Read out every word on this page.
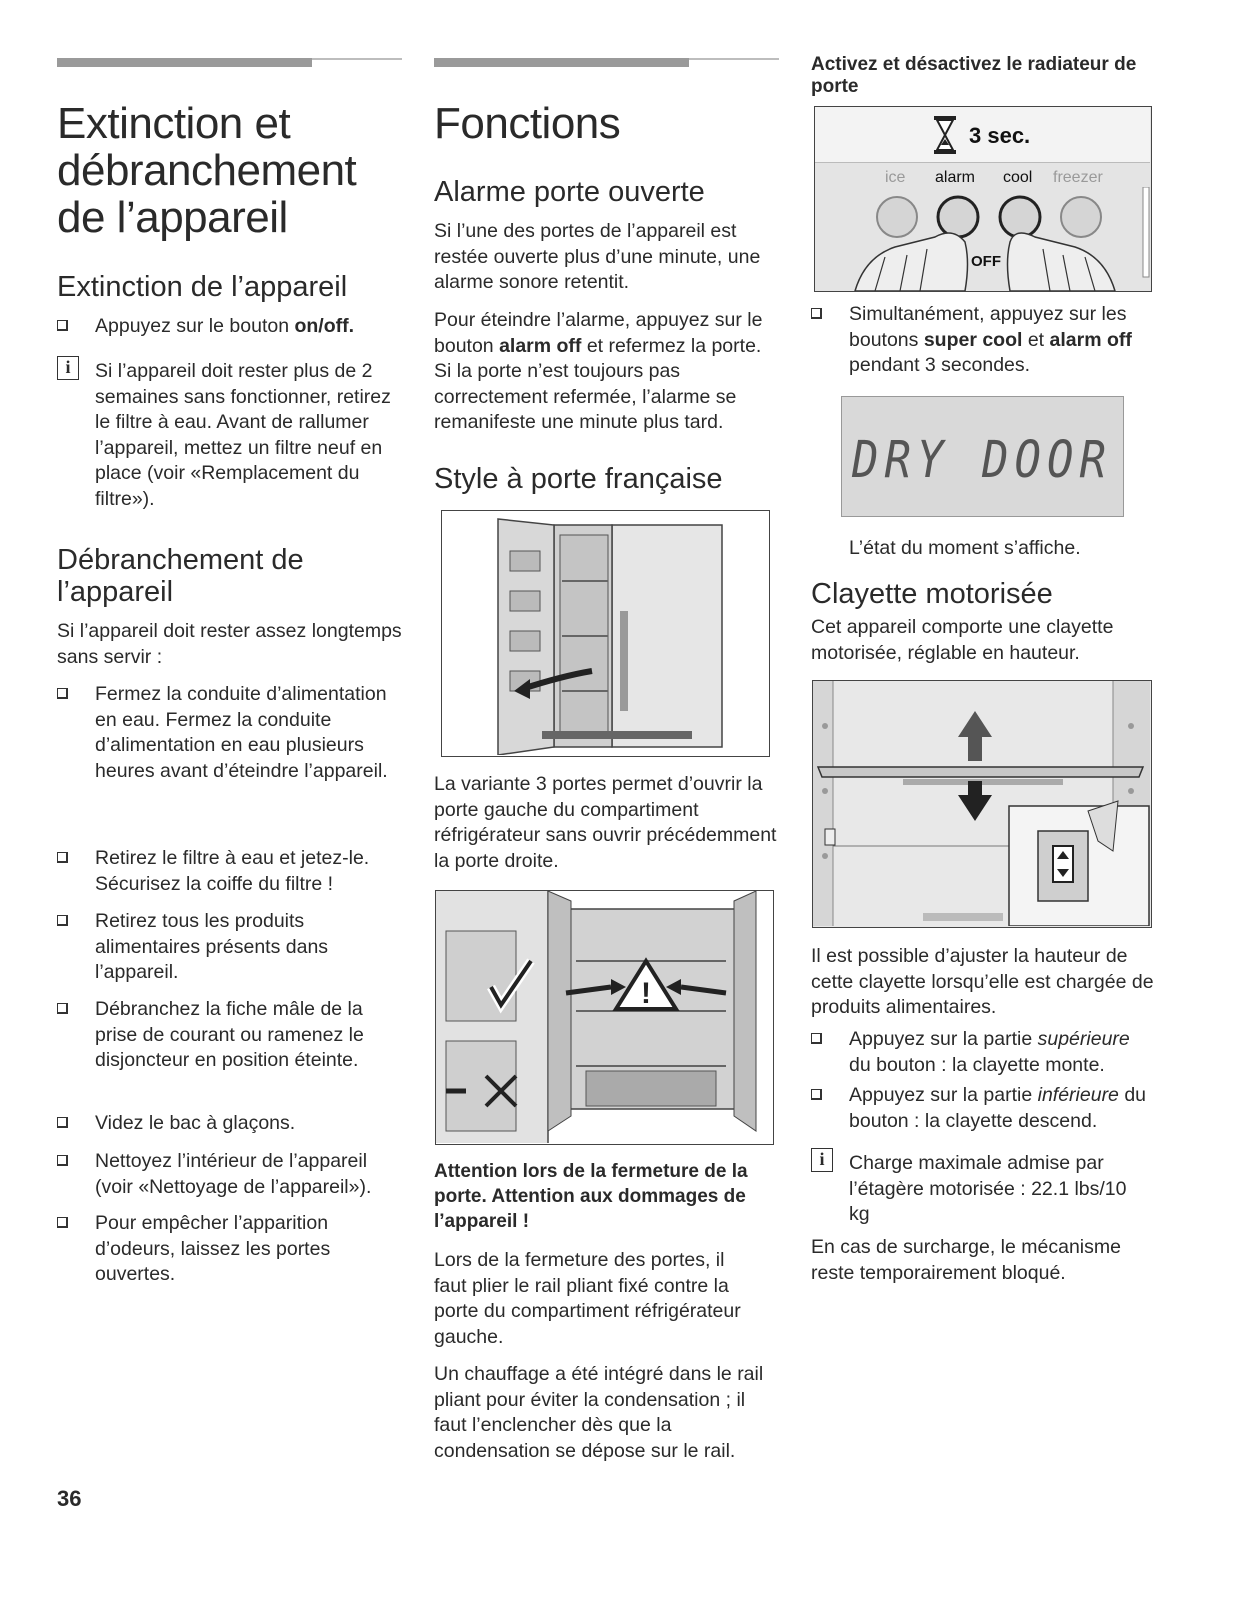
Extinction et débranchement de l’appareil
Extinction de l’appareil
Appuyez sur le bouton on/off.
i	Si l’appareil doit rester plus de 2 semaines sans fonctionner, retirez le filtre à eau. Avant de rallumer l’appareil, mettez un filtre neuf en place (voir «Remplacement du filtre»).

Débranchement de l’appareil

Si l’appareil doit rester assez longtemps sans servir :

Fermez la conduite d’alimentation en eau. Fermez la conduite d’alimentation en eau plusieurs heures avant d’éteindre l’appareil.
Retirez le filtre à eau et jetez-le. Sécurisez la coiffe du filtre !
Retirez tous les produits alimentaires présents dans l’appareil.
Débranchez la fiche mâle de la prise de courant ou ramenez le disjoncteur en position éteinte.
Videz le bac à glaçons.
Nettoyez l’intérieur de l’appareil (voir «Nettoyage de l’appareil»).
Pour empêcher l’apparition d’odeurs, laissez les portes ouvertes.
36
Fonctions
Alarme porte ouverte

Si l’une des portes de l’appareil est restée ouverte plus d’une minute, une alarme sonore retentit.

Pour éteindre l’alarme, appuyez sur le bouton alarm off et refermez la porte. Si la porte n’est toujours pas correctement refermée, l’alarme se remanifeste une minute plus tard.

Style à porte française

La variante 3 portes permet d’ouvrir la porte gauche du compartiment réfrigérateur sans ouvrir précédemment la porte droite.

!
Attention lors de la fermeture de la porte. Attention aux dommages de l’appareil !

Lors de la fermeture des portes, il faut plier le rail pliant fixé contre la porte du compartiment réfrigérateur gauche.

Un chauffage a été intégré dans le rail pliant pour éviter la condensation ; il faut l’enclencher dès que la condensation se dépose sur le rail.

Activez et désactivez le radiateur de porte
3 sec.
ice alarm cool freezer
OFF
Simultanément, appuyez sur les boutons super cool et alarm off pendant 3 secondes.
DRY DOOR

L’état du moment s’affiche.

Clayette motorisée

Cet appareil comporte une clayette motorisée, réglable en hauteur.

Il est possible d’ajuster la hauteur de cette clayette lorsqu’elle est chargée de produits alimentaires.

Appuyez sur la partie supérieure du bouton : la clayette monte.
Appuyez sur la partie inférieure du bouton : la clayette descend.
i	Charge maximale admise par l’étagère motorisée : 22.1 lbs/10 kg

En cas de surcharge, le mécanisme reste temporairement bloqué.
